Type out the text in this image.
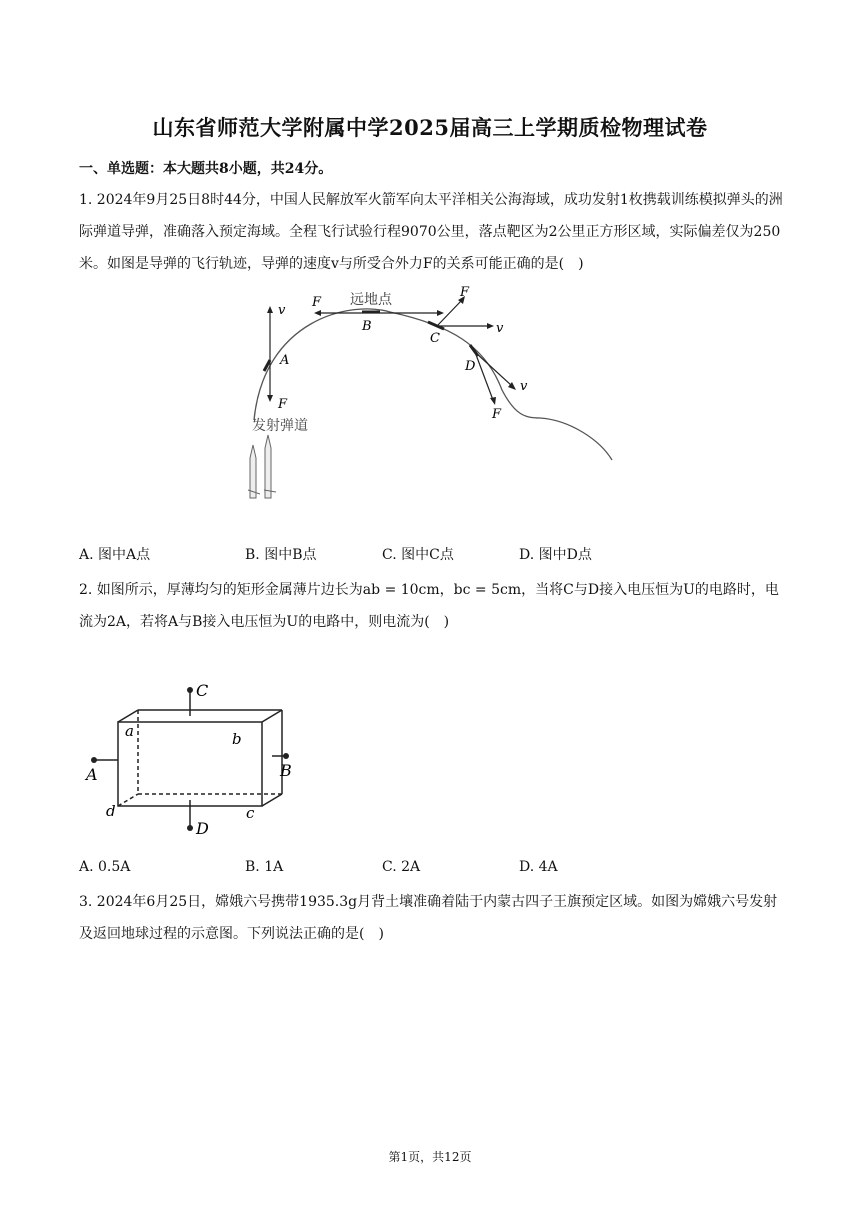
山东省师范大学附属中学2025届高三上学期质检物理试卷
一、单选题：本大题共8小题，共24分。
1. 2024年9月25日8时44分，中国人民解放军火箭军向太平洋相关公海海域，成功发射1枚携载训练模拟弹头的洲际弹道导弹，准确落入预定海域。全程飞行试验行程9070公里，落点靶区为2公里正方形区域，实际偏差仅为250米。如图是导弹的飞行轨迹，导弹的速度v与所受合外力F的关系可能正确的是(　)
v
F
A
F 远地点
B
F
v
C
v
F
D
发射弹道
A. 图中A点	B. 图中B点	C. 图中C点	D. 图中D点
2. 如图所示，厚薄均匀的矩形金属薄片边长为ab = 10cm，bc = 5cm，当将C与D接入电压恒为U的电路时，电流为2A，若将A与B接入电压恒为U的电路中，则电流为(　)
C
D
A	B
a	b
c
d
A. 0.5A	B. 1A	C. 2A	D. 4A
3. 2024年6月25日，嫦娥六号携带1935.3g月背土壤准确着陆于内蒙古四子王旗预定区域。如图为嫦娥六号发射及返回地球过程的示意图。下列说法正确的是(　)
第1页，共12页
